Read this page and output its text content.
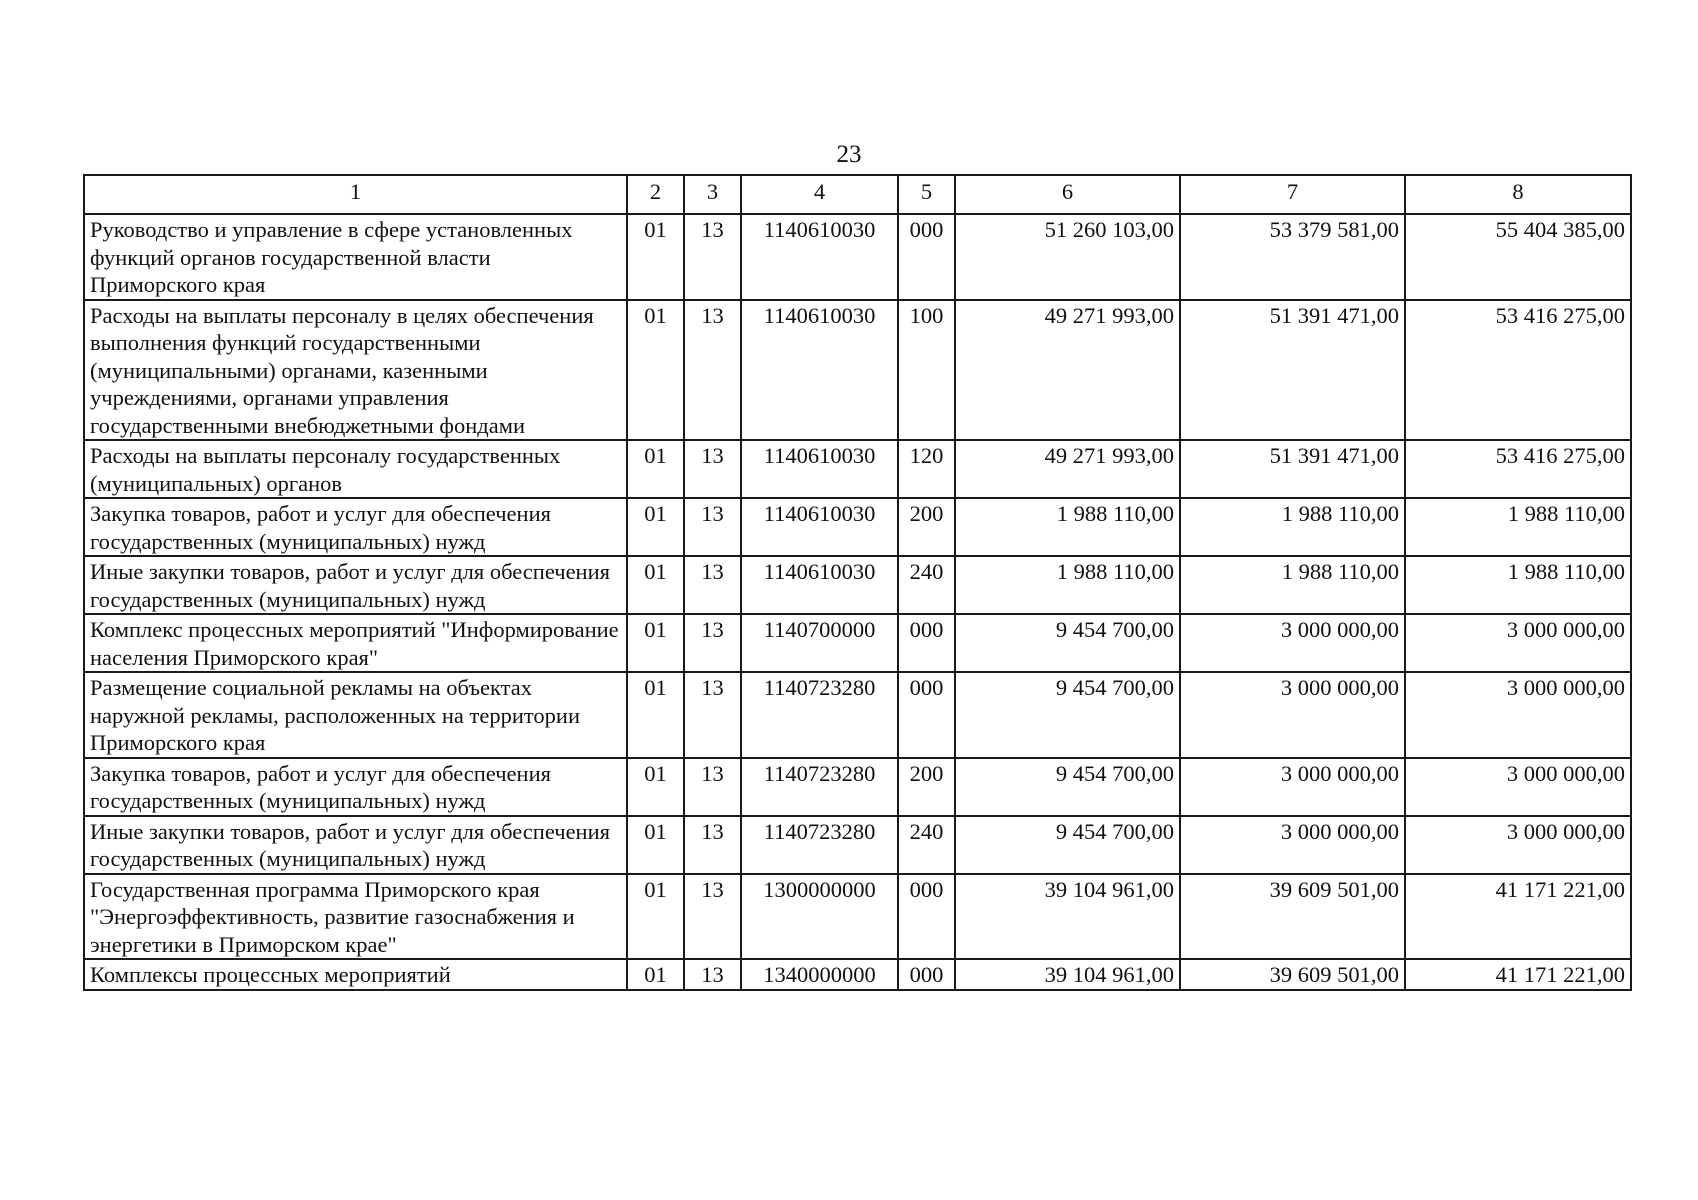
23
1	2	3	4	5	6	7	8
Руководство и управление в сфере установленных функций органов государственной власти Приморского края	01	13	1140610030	000	51 260 103,00	53 379 581,00	55 404 385,00
Расходы на выплаты персоналу в целях обеспечения выполнения функций государственными (муниципальными) органами, казенными учреждениями, органами управления государственными внебюджетными фондами	01	13	1140610030	100	49 271 993,00	51 391 471,00	53 416 275,00
Расходы на выплаты персоналу государственных (муниципальных) органов	01	13	1140610030	120	49 271 993,00	51 391 471,00	53 416 275,00
Закупка товаров, работ и услуг для обеспечения государственных (муниципальных) нужд	01	13	1140610030	200	1 988 110,00	1 988 110,00	1 988 110,00
Иные закупки товаров, работ и услуг для обеспечения государственных (муниципальных) нужд	01	13	1140610030	240	1 988 110,00	1 988 110,00	1 988 110,00
Комплекс процессных мероприятий "Информирование населения Приморского края"	01	13	1140700000	000	9 454 700,00	3 000 000,00	3 000 000,00
Размещение социальной рекламы на объектах наружной рекламы, расположенных на территории Приморского края	01	13	1140723280	000	9 454 700,00	3 000 000,00	3 000 000,00
Закупка товаров, работ и услуг для обеспечения государственных (муниципальных) нужд	01	13	1140723280	200	9 454 700,00	3 000 000,00	3 000 000,00
Иные закупки товаров, работ и услуг для обеспечения государственных (муниципальных) нужд	01	13	1140723280	240	9 454 700,00	3 000 000,00	3 000 000,00
Государственная программа Приморского края "Энергоэффективность, развитие газоснабжения и энергетики в Приморском крае"	01	13	1300000000	000	39 104 961,00	39 609 501,00	41 171 221,00
Комплексы процессных мероприятий	01	13	1340000000	000	39 104 961,00	39 609 501,00	41 171 221,00
